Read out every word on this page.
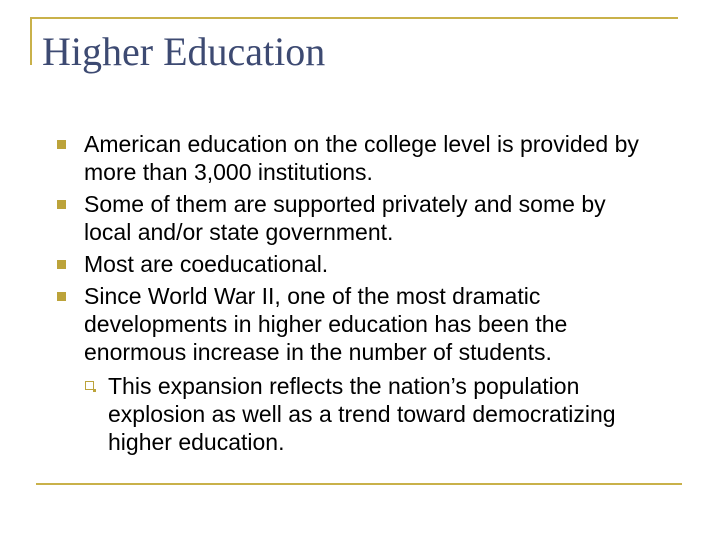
Higher Education
American education on the college level is provided by more than 3,000 institutions.
Some of them are supported privately and some by local and/or state government.
Most are coeducational.
Since World War II, one of the most dramatic developments in higher education has been the enormous increase in the number of students.
This expansion reflects the nation’s population explosion as well as a trend toward democratizing higher education.
